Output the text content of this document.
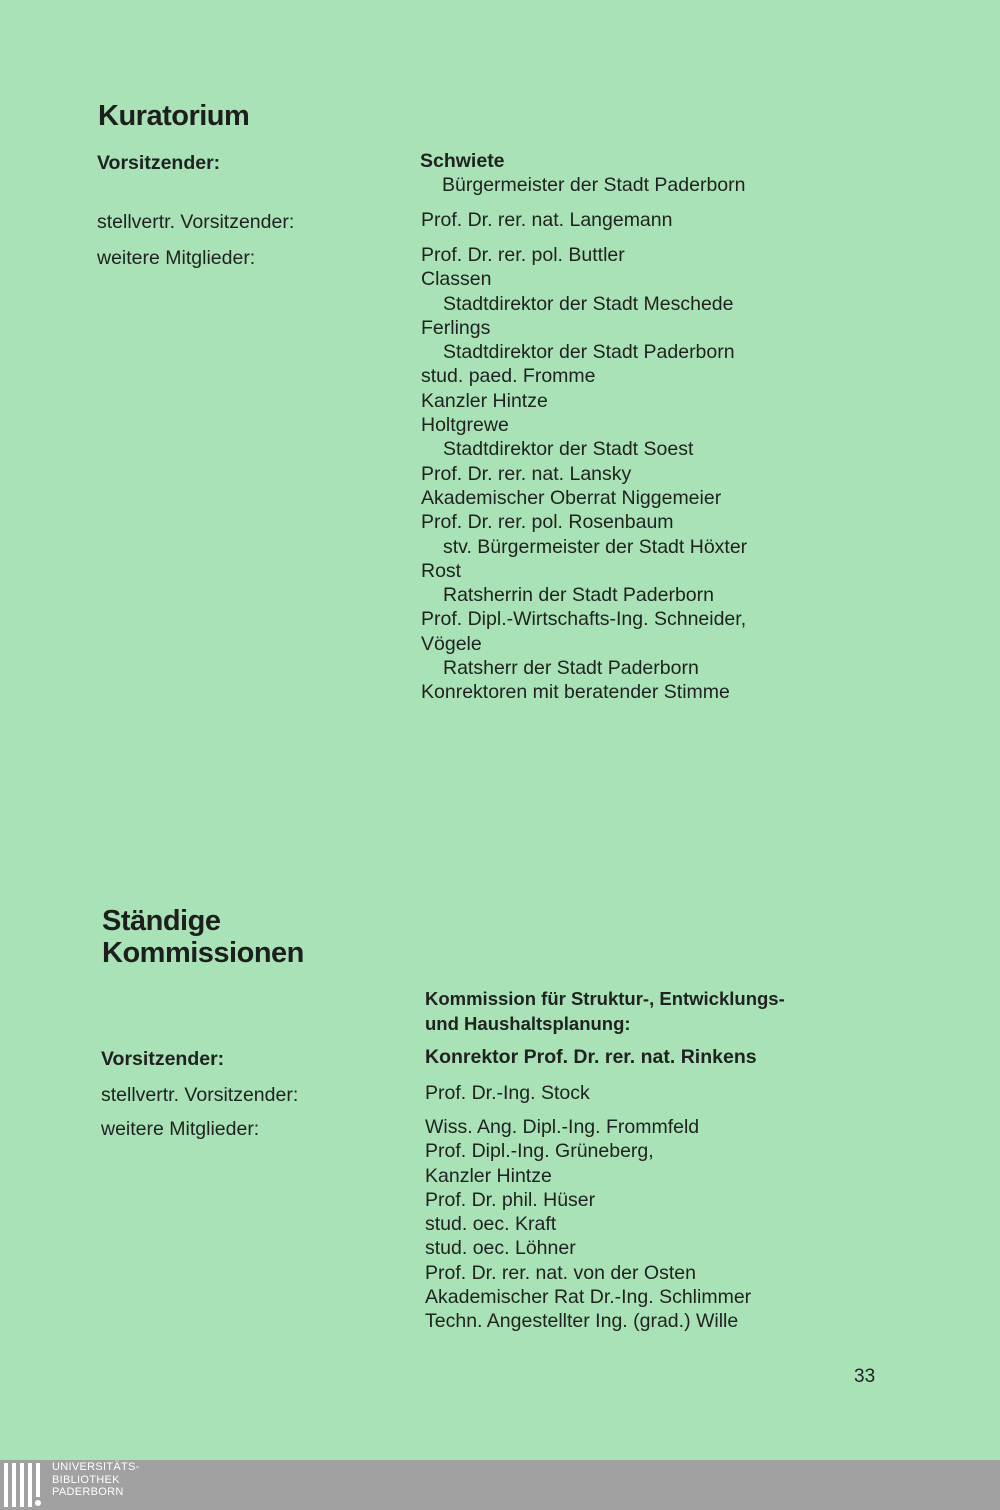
Kuratorium
Vorsitzender:
stellvertr. Vorsitzender:
weitere Mitglieder:
Schwiete
Bürgermeister der Stadt Paderborn
Prof. Dr. rer. nat. Langemann
Prof. Dr. rer. pol. Buttler
Classen
Stadtdirektor der Stadt Meschede
Ferlings
Stadtdirektor der Stadt Paderborn
stud. paed. Fromme
Kanzler Hintze
Holtgrewe
Stadtdirektor der Stadt Soest
Prof. Dr. rer. nat. Lansky
Akademischer Oberrat Niggemeier
Prof. Dr. rer. pol. Rosenbaum
stv. Bürgermeister der Stadt Höxter
Rost
Ratsherrin der Stadt Paderborn
Prof. Dipl.-Wirtschafts-Ing. Schneider,
Vögele
Ratsherr der Stadt Paderborn
Konrektoren mit beratender Stimme
Ständige
Kommissionen
Kommission für Struktur-, Entwicklungs-
und Haushaltsplanung:
Vorsitzender:
stellvertr. Vorsitzender:
weitere Mitglieder:
Konrektor Prof. Dr. rer. nat. Rinkens
Prof. Dr.-Ing. Stock
Wiss. Ang. Dipl.-Ing. Frommfeld
Prof. Dipl.-Ing. Grüneberg,
Kanzler Hintze
Prof. Dr. phil. Hüser
stud. oec. Kraft
stud. oec. Löhner
Prof. Dr. rer. nat. von der Osten
Akademischer Rat Dr.-Ing. Schlimmer
Techn. Angestellter Ing. (grad.) Wille
33
UNIVERSITÄTS-
BIBLIOTHEK
PADERBORN
